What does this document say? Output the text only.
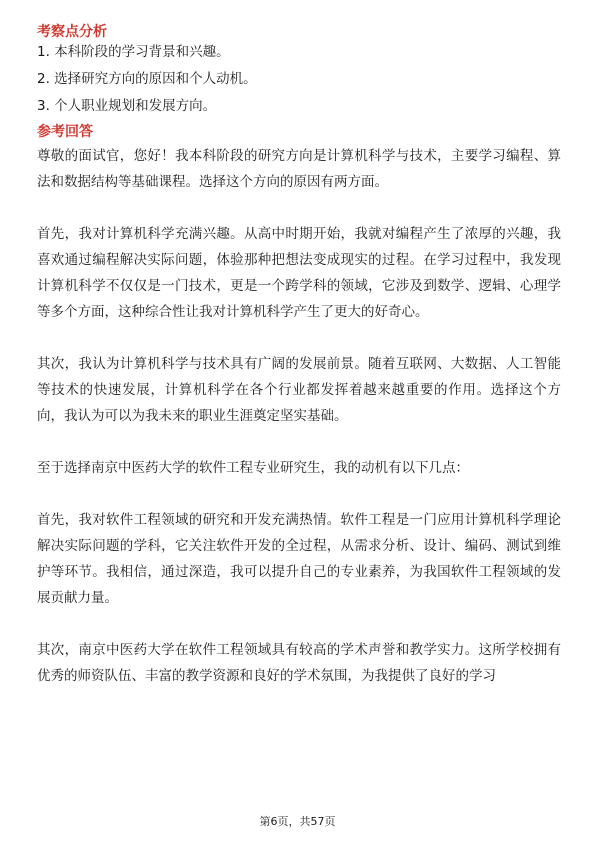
考察点分析
1. 本科阶段的学习背景和兴趣。
2. 选择研究方向的原因和个人动机。
3. 个人职业规划和发展方向。
参考回答

尊敬的面试官，您好！我本科阶段的研究方向是计算机科学与技术，主要学习编程、算法和数据结构等基础课程。选择这个方向的原因有两方面。

首先，我对计算机科学充满兴趣。从高中时期开始，我就对编程产生了浓厚的兴趣，我喜欢通过编程解决实际问题，体验那种把想法变成现实的过程。在学习过程中，我发现计算机科学不仅仅是一门技术，更是一个跨学科的领域，它涉及到数学、逻辑、心理学等多个方面，这种综合性让我对计算机科学产生了更大的好奇心。

其次，我认为计算机科学与技术具有广阔的发展前景。随着互联网、大数据、人工智能等技术的快速发展，计算机科学在各个行业都发挥着越来越重要的作用。选择这个方向，我认为可以为我未来的职业生涯奠定坚实基础。

至于选择南京中医药大学的软件工程专业研究生，我的动机有以下几点：

首先，我对软件工程领域的研究和开发充满热情。软件工程是一门应用计算机科学理论解决实际问题的学科，它关注软件开发的全过程，从需求分析、设计、编码、测试到维护等环节。我相信，通过深造，我可以提升自己的专业素养，为我国软件工程领域的发展贡献力量。

其次，南京中医药大学在软件工程领域具有较高的学术声誉和教学实力。这所学校拥有优秀的师资队伍、丰富的教学资源和良好的学术氛围，为我提供了良好的学习

第6页，共57页
